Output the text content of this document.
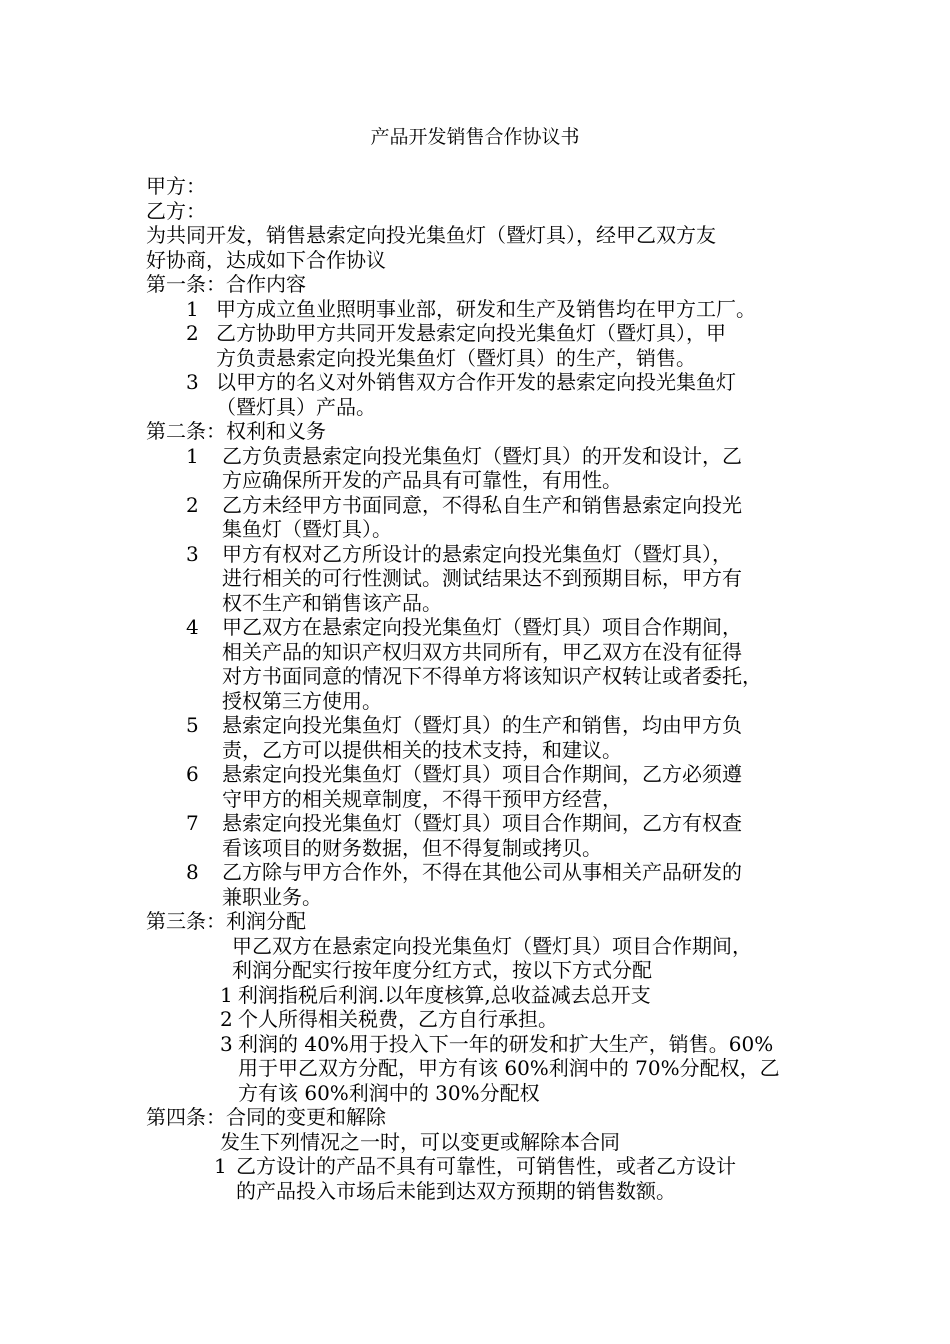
产品开发销售合作协议书

甲方：

乙方：

为共同开发，销售悬索定向投光集鱼灯（暨灯具），经甲乙双方友

好协商，达成如下合作协议

第一条：合作内容

1 甲方成立鱼业照明事业部，研发和生产及销售均在甲方工厂。
2 乙方协助甲方共同开发悬索定向投光集鱼灯（暨灯具），甲
方负责悬索定向投光集鱼灯（暨灯具）的生产，销售。
3 以甲方的名义对外销售双方合作开发的悬索定向投光集鱼灯
（暨灯具）产品。

第二条：权利和义务

1	乙方负责悬索定向投光集鱼灯（暨灯具）的开发和设计，乙
方应确保所开发的产品具有可靠性，有用性。
2	乙方未经甲方书面同意，不得私自生产和销售悬索定向投光
集鱼灯（暨灯具）。
3	甲方有权对乙方所设计的悬索定向投光集鱼灯（暨灯具），
进行相关的可行性测试。测试结果达不到预期目标，甲方有
权不生产和销售该产品。
4	甲乙双方在悬索定向投光集鱼灯（暨灯具）项目合作期间，
相关产品的知识产权归双方共同所有，甲乙双方在没有征得
对方书面同意的情况下不得单方将该知识产权转让或者委托，
授权第三方使用。
5	悬索定向投光集鱼灯（暨灯具）的生产和销售，均由甲方负
责，乙方可以提供相关的技术支持，和建议。
6	悬索定向投光集鱼灯（暨灯具）项目合作期间，乙方必须遵
守甲方的相关规章制度，不得干预甲方经营，
7	悬索定向投光集鱼灯（暨灯具）项目合作期间，乙方有权查
看该项目的财务数据，但不得复制或拷贝。
8	乙方除与甲方合作外，不得在其他公司从事相关产品研发的
兼职业务。

第三条：利润分配

甲乙双方在悬索定向投光集鱼灯（暨灯具）项目合作期间，

利润分配实行按年度分红方式，按以下方式分配

1 利润指税后利润.以年度核算,总收益减去总开支
2 个人所得相关税费，乙方自行承担。
3 利润的 40%用于投入下一年的研发和扩大生产，销售。60%
用于甲乙双方分配，甲方有该 60%利润中的 70%分配权，乙
方有该 60%利润中的 30%分配权

第四条：合同的变更和解除

发生下列情况之一时，可以变更或解除本合同

1 乙方设计的产品不具有可靠性，可销售性，或者乙方设计
的产品投入市场后未能到达双方预期的销售数额。
